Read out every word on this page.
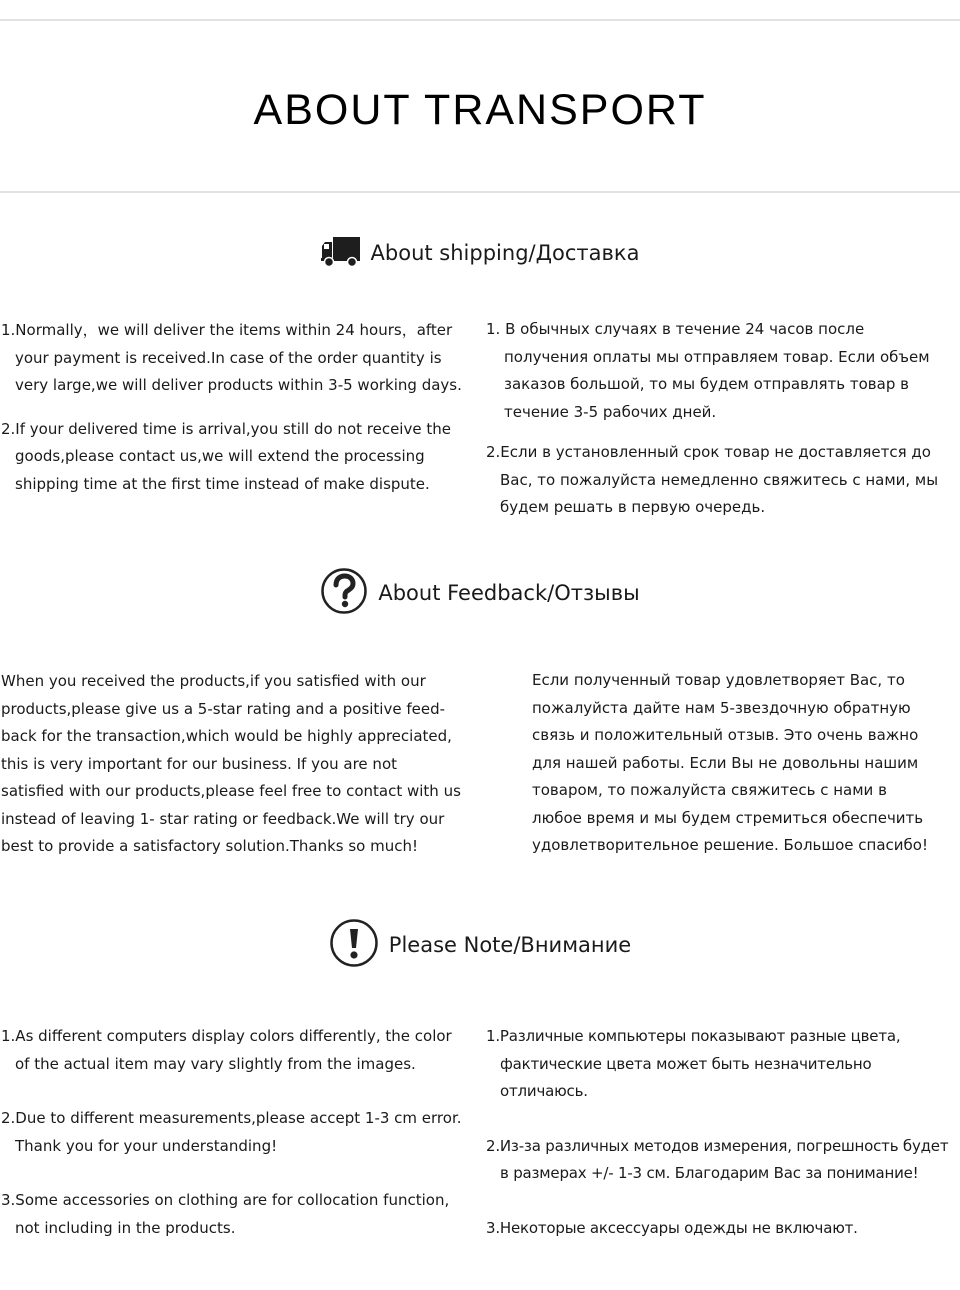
ABOUT TRANSPORT
About shipping/Доставка

1.Normally，we will deliver the items within 24 hours，after your payment is received.In case of the order quantity is very large,we will deliver products within 3-5 working days.

2.If your delivered time is arrival,you still do not receive the goods,please contact us,we will extend the processing shipping time at the first time instead of make dispute.

1. В обычных случаях в течение 24 часов после получения оплаты мы отправляем товар. Если объем заказов большой, то мы будем отправлять товар в течение 3-5 рабочих дней.

2.Если в установленный срок товар не доставляется до Вас, то пожалуйста немедленно свяжитесь с нами, мы будем решать в первую очередь.

About Feedback/Отзывы

When you received the products,if you satisfied with our products,please give us a 5-star rating and a positive feed-back for the transaction,which would be highly appreciated, this is very important for our business. If you are not satisfied with our products,please feel free to contact with us instead of leaving 1- star rating or feedback.We will try our best to provide a satisfactory solution.Thanks so much!

Если полученный товар удовлетворяет Вас, то пожалуйста дайте нам 5-звездочную обратную связь и положительный отзыв. Это очень важно для нашей работы. Если Вы не довольны нашим товаром, то пожалуйста свяжитесь с нами в любое время и мы будем стремиться обеспечить удовлетворительное решение. Большое спасибо!

Please Note/Внимание

1.As different computers display colors differently, the color of the actual item may vary slightly from the images.

2.Due to different measurements,please accept 1-3 cm error. Thank you for your understanding!

3.Some accessories on clothing are for collocation function, not including in the products.

1.Различные компьютеры показывают разные цвета, фактические цвета может быть незначительно отличаюсь.

2.Из-за различных методов измерения, погрешность будет в размерах +/- 1-3 см. Благодарим Вас за понимание!

3.Некоторые аксессуары одежды не включают.
